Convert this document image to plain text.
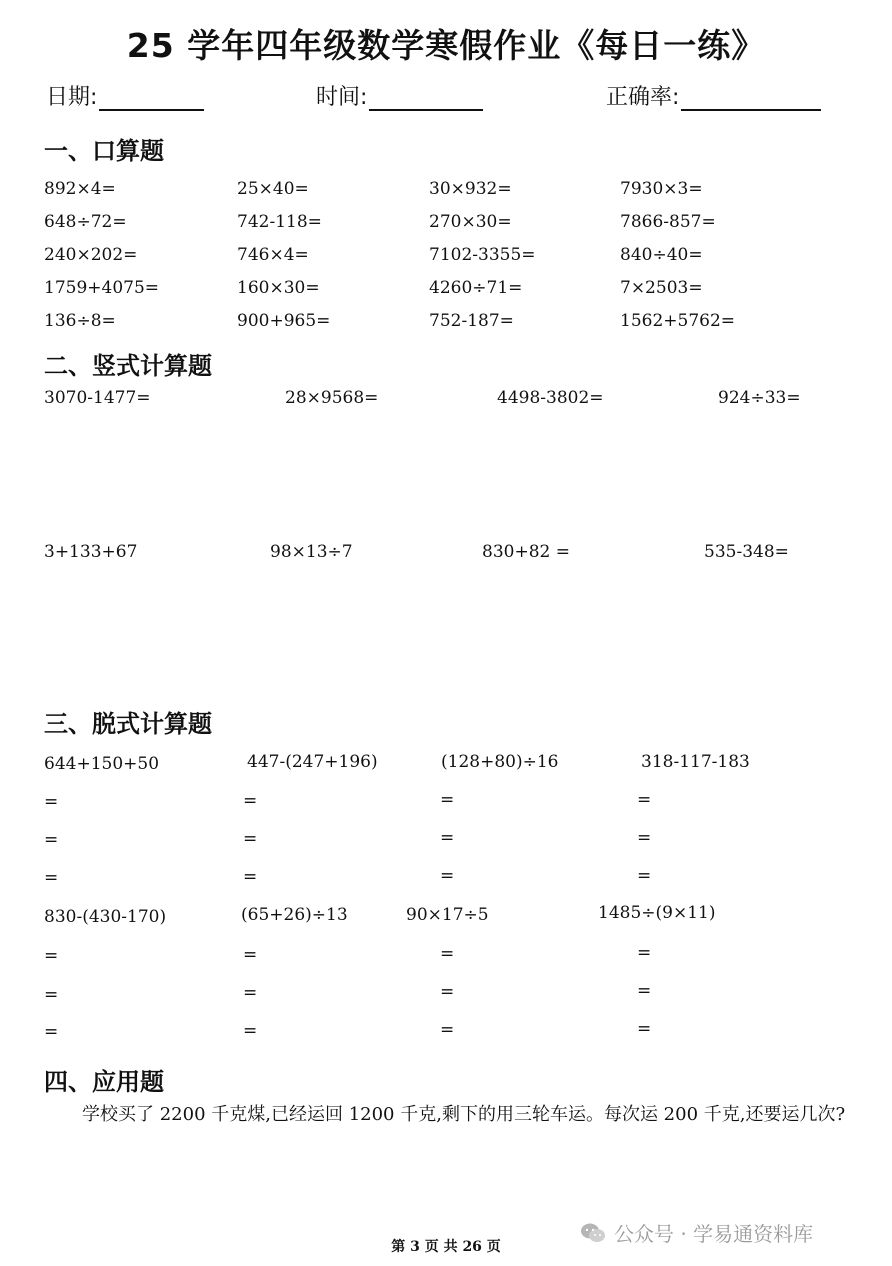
25 学年四年级数学寒假作业《每日一练》
日期:	时间:	正确率:
一、口算题
892×4=	25×40=	30×932=	7930×3=
648÷72=	742-118=	270×30=	7866-857=
240×202=	746×4=	7102-3355=	840÷40=
1759+4075=	160×30=	4260÷71=	7×2503=
136÷8=	900+965=	752-187=	1562+5762=
二、竖式计算题
3070-1477=	28×9568=	4498-3802=	924÷33=
3+133+67	98×13÷7	830+82 =	535-348=
三、脱式计算题
644+150+50	447-(247+196)	(128+80)÷16	318-117-183
=	=	=	=
=	=	=	=
=	=	=	=
830-(430-170)	(65+26)÷13	90×17÷5	1485÷(9×11)
=	=	=	=
=	=	=	=
=	=	=	=
四、应用题
学校买了 2200 千克煤,已经运回 1200 千克,剩下的用三轮车运。每次运 200 千克,还要运几次?
第 3 页 共 26 页
公众号 · 学易通资料库
